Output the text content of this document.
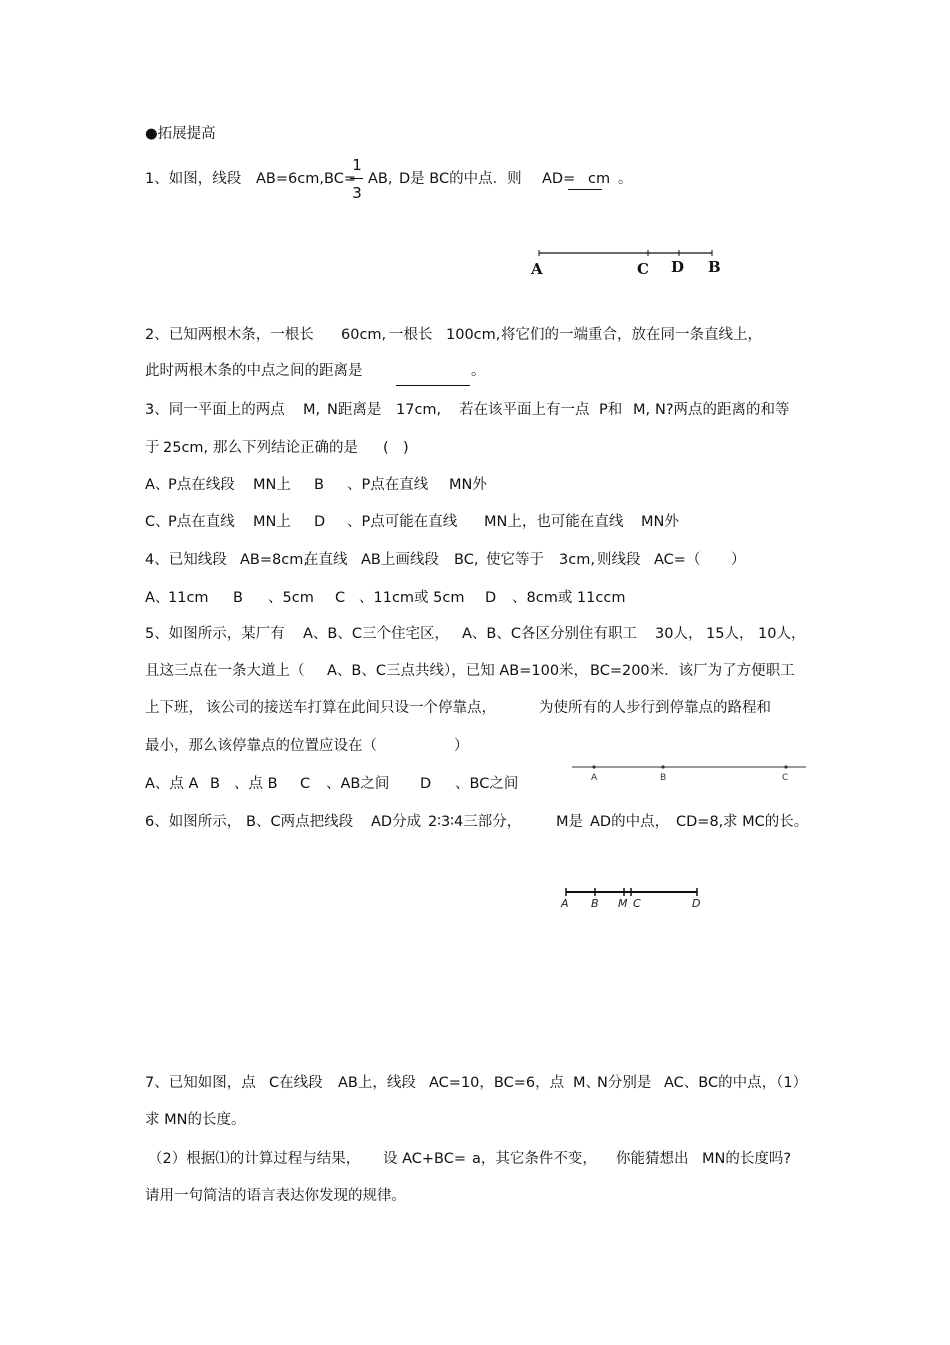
●拓展提高
1、如图，线段 AB=6cm, BC= AB, D是 BC的中点．则 AD= cm 。
1
3
A	C D B
2、已知两根木条，一根长 60cm, 一根长 100cm, 将它们的一端重合，放在同一条直线上，
此时两根木条的中点之间的距离是	。
3、同一平面上的两点 M, N距离是 17cm, 若在该平面上有一点 P和 M, N?两点的距离的和等
于 25cm, 那么下列结论正确的是 ( )
A、
P点在线段 MN上 B 、P点在直线 MN外
C、
P点在直线 MN上 D 、P点可能在直线 MN上，也可能在直线 MN外
4、已知线段 AB=8cm,
在直线 AB上画线段 BC, 使它等于 3cm, 则线段 AC=（ ）
A、
11cm B 、5cm C 、11cm或 5cm D 、8cm或 11ccm
5、如图所示，某厂有 A、B、C三个住宅区， A、B、C各区分别住有职工 30人， 15人， 10人，
且这三点在一条大道上（ A、B、C三点共线），已知 AB=100米， BC=200米．该厂为了方便职工
上下班， 该公司的接送车打算在此间只设一个停靠点，	为使所有的人步行到停靠点的路程和
最小，那么该停靠点的位置应设在（	）
A、点 A B 、点 B C 、AB之间 D 、BC之间	A	B	C
6、如图所示， B、C两点把线段 AD分成 2∶3∶4三部分， M是 AD的中点， CD=8, 求 MC的长。
A B M C	D
7、已知如图，点 C在线段 AB上，线段 AC=10，BC=6，点 M、
N分别是 AC、BC的中点，（1）
求 MN的长度。
（2）根据⑴的计算过程与结果， 设 AC+BC= a，其它条件不变， 你能猜想出 MN的长度吗?
请用一句简洁的语言表达你发现的规律。
